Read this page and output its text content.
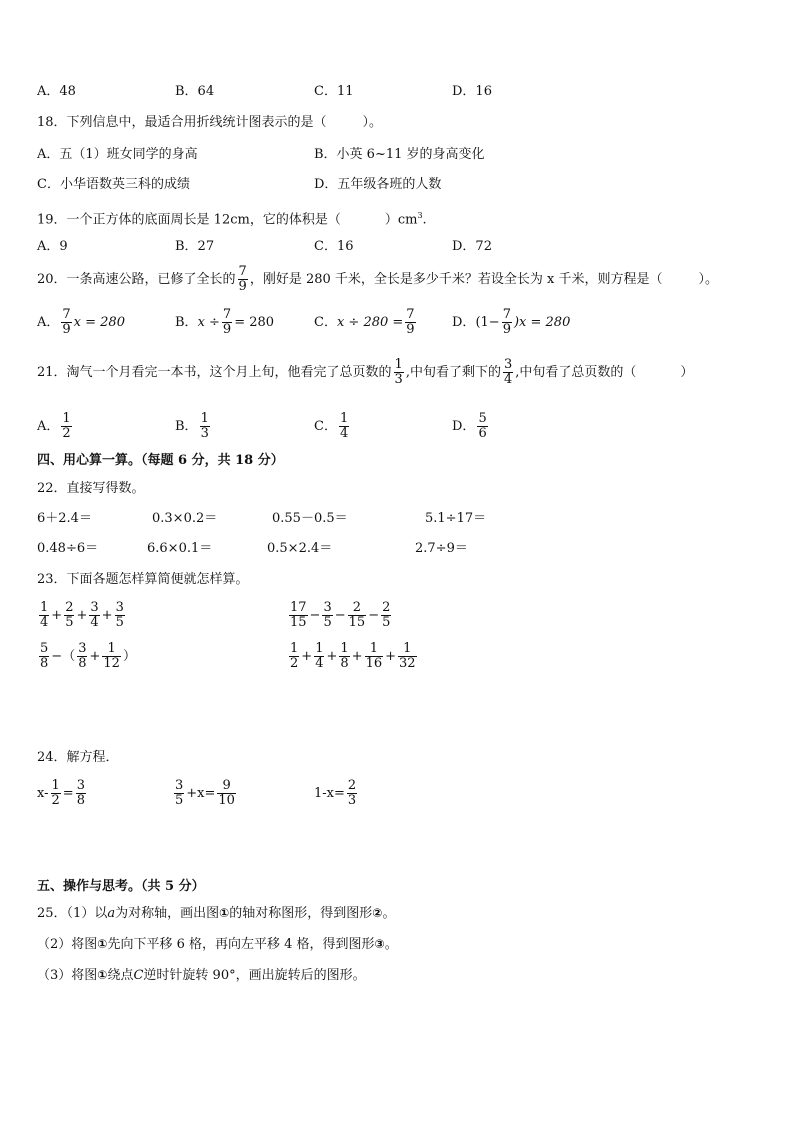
A．48	B．64	C．11	D．16
18．下列信息中，最适合用折线统计图表示的是（	）。
A．五（1）班女同学的身高	B．小英 6~11 岁的身高变化
C．小华语数英三科的成绩	D．五年级各班的人数
19．一个正方体的底面周长是 12cm，它的体积是（	）$cm^3$.
A．9	B．27	C．16	D．72
20．一条高速公路，已修了全长的 $\frac{7}{9}$ ，刚好是 280 千米，全长是多少千米？若设全长为 x 千米，则方程是（	）。
A． $\frac{7}{9}$ x = 280	B．$x \div \frac{7}{9} = 280$	C．$x \div 280 = \frac{7}{9}$	D．$(1- \frac{7}{9} )x = 280$
21．淘气一个月看完一本书，这个月上旬，他看完了总页数的 $\frac{1}{3}$ ,中旬看了剩下的 $\frac{3}{4}$ ,中旬看了总页数的（	）
A． $\frac{1}{2}$	B． $\frac{1}{3}$	C． $\frac{1}{4}$	D． $\frac{5}{6}$
四、用心算一算。（每题 6 分，共 18 分）
22．直接写得数。
6＋2.4＝	0.3×0.2＝	0.55－0.5＝	5.1÷17＝
0.48÷6＝	6.6×0.1＝	0.5×2.4＝	2.7÷9＝
23．下面各题怎样算简便就怎样算。
$\frac{1}{4} + \frac{2}{5} + \frac{3}{4} + \frac{3}{5}$	$\frac{17}{15} - \frac{3}{5} - \frac{2}{15} - \frac{2}{5}$
$\frac{5}{8}$ −（ $\frac{3}{8} + \frac{1}{12}$ ）	$\frac{1}{2} + \frac{1}{4} + \frac{1}{8} + \frac{1}{16} + \frac{1}{32}$
24．解方程．
$x- \frac{1}{2} = \frac{3}{8}$	$\frac{3}{5} +x= \frac{9}{10}$	$1-x= \frac{2}{3}$
五、操作与思考。（共 5 分）
25．（1）以a为对称轴，画出图①的轴对称图形，得到图形②。
（2）将图①先向下平移 6 格，再向左平移 4 格，得到图形③。
（3）将图①绕点C逆时针旋转 90°，画出旋转后的图形。
